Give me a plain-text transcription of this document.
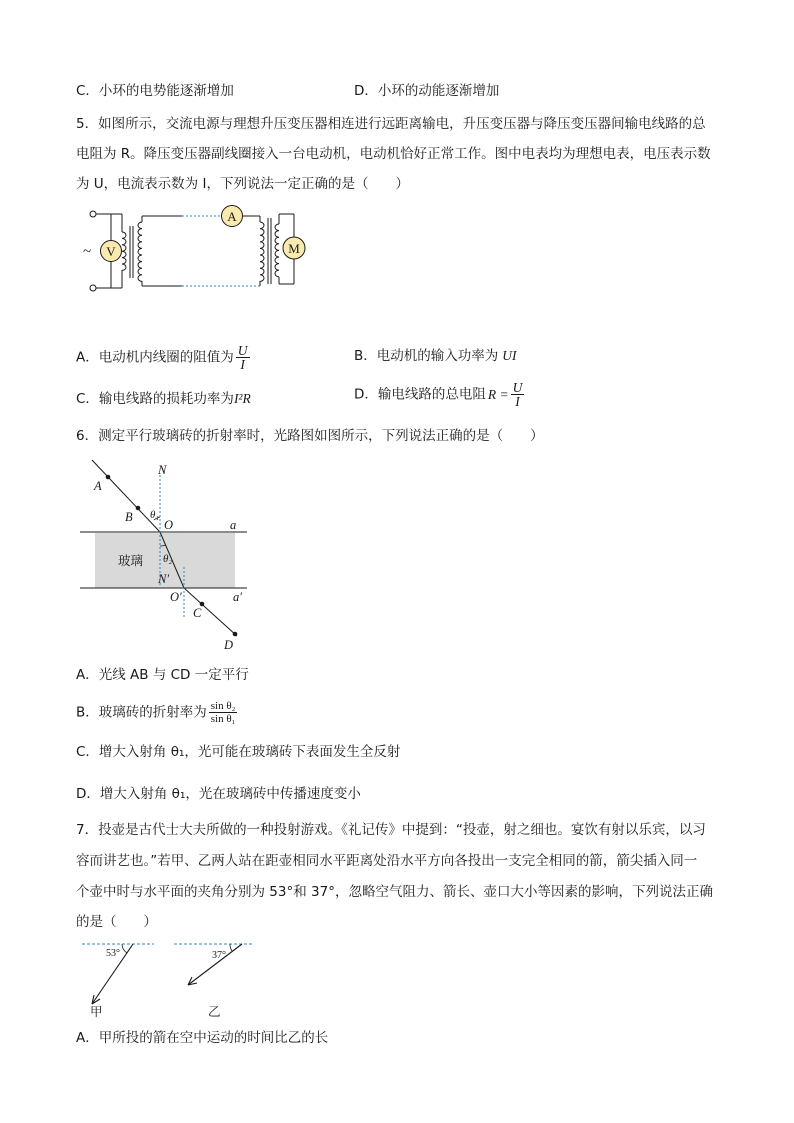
C．小环的电势能逐渐增加	D．小环的动能逐渐增加
5．如图所示，交流电源与理想升压变压器相连进行远距离输电，升压变压器与降压变压器间输电线路的总
电阻为 R。降压变压器副线圈接入一台电动机，电动机恰好正常工作。图中电表均为理想电表，电压表示数
为 U，电流表示数为 I，下列说法一定正确的是（　　）
V
A
M
~
A．电动机内线圈的阻值为 $\frac{U}{I}$	B．电动机的输入功率为 UI
C．输电线路的损耗功率为I²R	D．输电线路的总电阻 $R = \frac{U}{I}$
6．测定平行玻璃砖的折射率时，光路图如图所示，下列说法正确的是（　　）
A
B
N
O	a
θ₁
θ₂
N′
O′	a′
C
D
玻璃
A．光线 AB 与 CD 一定平行
B．玻璃砖的折射率为 $\frac{\text{sin θ₂}}{\text{sin θ₁}}$
C．增大入射角 θ₁，光可能在玻璃砖下表面发生全反射
D．增大入射角 θ₁，光在玻璃砖中传播速度变小
7．投壶是古代士大夫所做的一种投射游戏。《礼记传》中提到：“投壶，射之细也。宴饮有射以乐宾，以习
容而讲艺也。”若甲、乙两人站在距壶相同水平距离处沿水平方向各投出一支完全相同的箭，箭尖插入同一
个壶中时与水平面的夹角分别为 53°和 37°，忽略空气阻力、箭长、壶口大小等因素的影响，下列说法正确
的是（　　）
53°	37°
甲	乙
A．甲所投的箭在空中运动的时间比乙的长
